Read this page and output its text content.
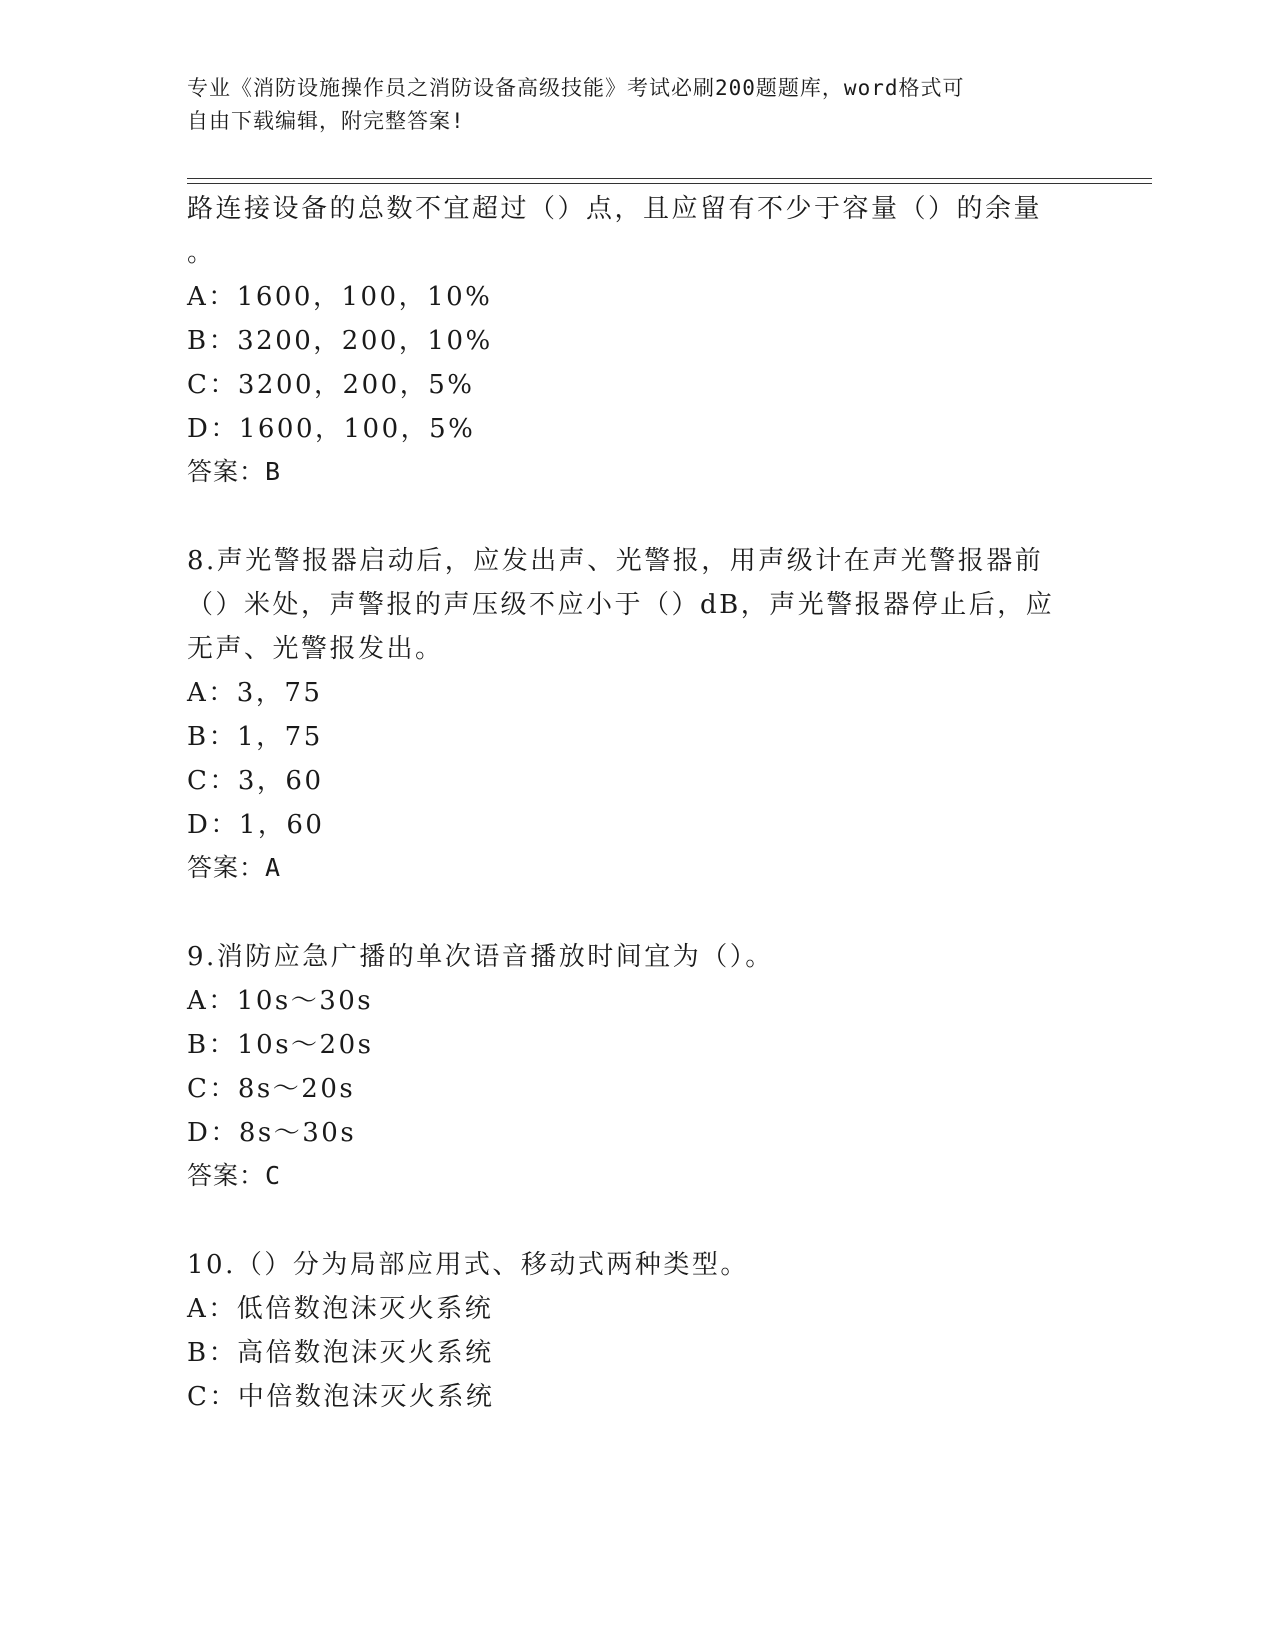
专业《消防设施操作员之消防设备高级技能》考试必刷200题题库，word格式可
自由下载编辑，附完整答案!
路连接设备的总数不宜超过（）点，且应留有不少于容量（）的余量
。
A：1600，100，10%
B：3200，200，10%
C：3200，200，5%
D：1600，100，5%
答案：B
8.声光警报器启动后，应发出声、光警报，用声级计在声光警报器前
（）米处，声警报的声压级不应小于（）dB，声光警报器停止后，应
无声、光警报发出。
A：3，75
B：1，75
C：3，60
D：1，60
答案：A
9.消防应急广播的单次语音播放时间宜为（）。
A：10s～30s
B：10s～20s
C：8s～20s
D：8s～30s
答案：C
10.（）分为局部应用式、移动式两种类型。
A：低倍数泡沫灭火系统
B：高倍数泡沫灭火系统
C：中倍数泡沫灭火系统
